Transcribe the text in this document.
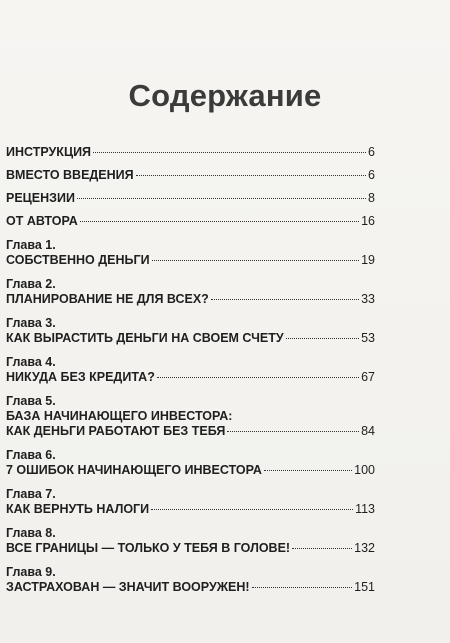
Содержание
ИНСТРУКЦИЯ	6
ВМЕСТО ВВЕДЕНИЯ	6
РЕЦЕНЗИИ	8
ОТ АВТОРА	16
Глава 1.
СОБСТВЕННО ДЕНЬГИ	19
Глава 2.
ПЛАНИРОВАНИЕ НЕ ДЛЯ ВСЕХ?	33
Глава 3.
КАК ВЫРАСТИТЬ ДЕНЬГИ НА СВОЕМ СЧЕТУ	53
Глава 4.
НИКУДА БЕЗ КРЕДИТА?	67
Глава 5.
БАЗА НАЧИНАЮЩЕГО ИНВЕСТОРА:
КАК ДЕНЬГИ РАБОТАЮТ БЕЗ ТЕБЯ	84
Глава 6.
7 ОШИБОК НАЧИНАЮЩЕГО ИНВЕСТОРА	100
Глава 7.
КАК ВЕРНУТЬ НАЛОГИ	113
Глава 8.
ВСЕ ГРАНИЦЫ — ТОЛЬКО У ТЕБЯ В ГОЛОВЕ!	132
Глава 9.
ЗАСТРАХОВАН — ЗНАЧИТ ВООРУЖЕН!	151
